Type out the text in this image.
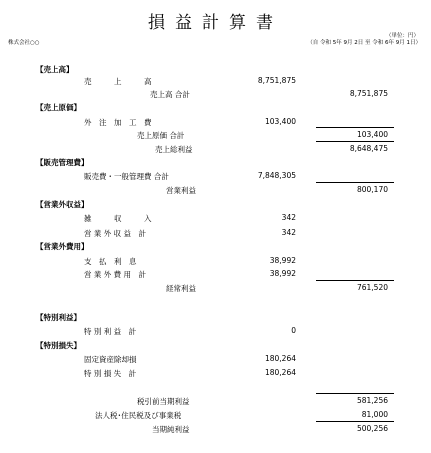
損益計算書
（単位：円）
株式会社○○	（自 令和 5年 9月 2日 至 令和 6年 9月 1日）
【売上高】
売　　　上　　　高	8,751,875
売上高 合計	8,751,875
【売上原価】
外　注　加　工　費	103,400
売上原価 合計	103,400
売上総利益	8,648,475
【販売管理費】
販売費・一般管理費 合計	7,848,305
営業利益	800,170
【営業外収益】
雑　　　収　　　入	342
営 業 外 収 益　計	342
【営業外費用】
支　払　利　息	38,992
営 業 外 費 用　計	38,992
経常利益	761,520
【特別利益】
特 別 利 益　計	0
【特別損失】
固定資産除却損	180,264
特 別 損 失　計	180,264
税引前当期利益	581,256
法人税･住民税及び事業税	81,000
当期純利益	500,256
